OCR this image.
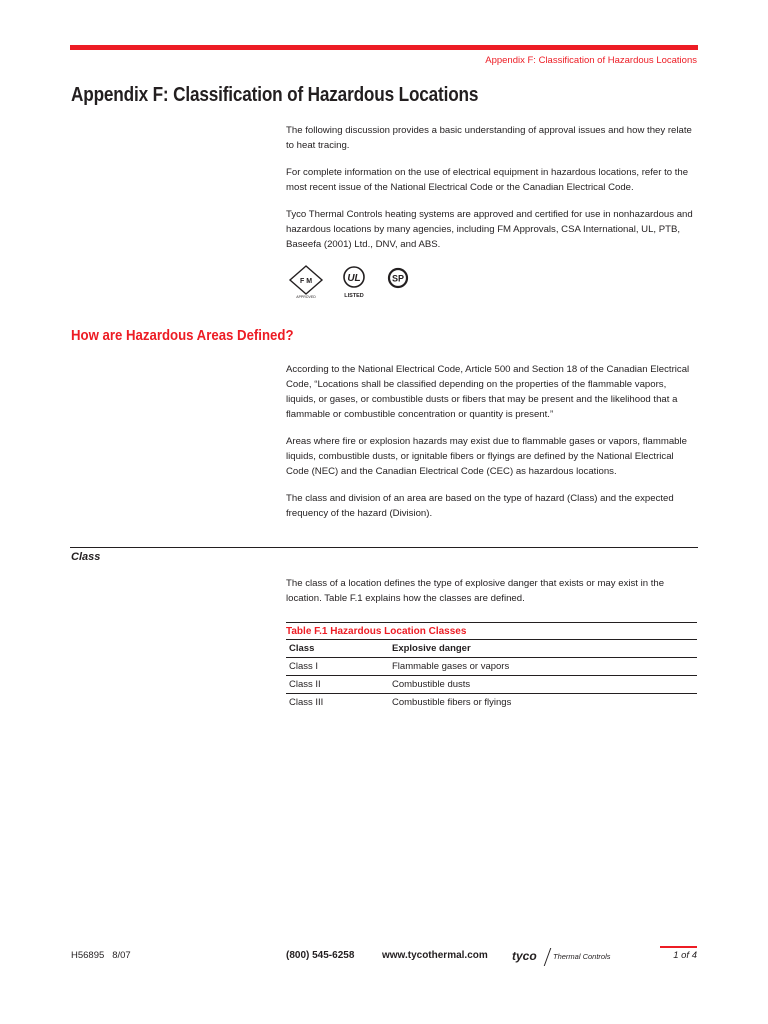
Appendix F: Classification of Hazardous Locations
Appendix F: Classification of Hazardous Locations

The following discussion provides a basic understanding of approval issues and how they relate to heat tracing.

For complete information on the use of electrical equipment in hazardous locations, refer to the most recent issue of the National Electrical Code or the Canadian Electrical Code.

Tyco Thermal Controls heating systems are approved and certified for use in nonhazardous and hazardous locations by many agencies, including FM Approvals, CSA International, UL, PTB, Baseefa (2001) Ltd., DNV, and ABS.

F M
APPROVED
UL
LISTED
SP
How are Hazardous Areas Defined?

According to the National Electrical Code, Article 500 and Section 18 of the Canadian Electrical Code, “Locations shall be classified depending on the properties of the flammable vapors, liquids, or gases, or combustible dusts or fibers that may be present and the likelihood that a flammable or combustible concentration or quantity is present.”

Areas where fire or explosion hazards may exist due to flammable gases or vapors, flammable liquids, combustible dusts, or ignitable fibers or flyings are defined by the National Electrical Code (NEC) and the Canadian Electrical Code (CEC) as hazardous locations.

The class and division of an area are based on the type of hazard (Class) and the expected frequency of the hazard (Division).

Class

The class of a location defines the type of explosive danger that exists or may exist in the location. Table F.1 explains how the classes are defined.

Table F.1 Hazardous Location Classes
Class	Explosive danger
Class I	Flammable gases or vapors
Class II	Combustible dusts
Class III	Combustible fibers or flyings
H56895 8/07	(800) 545-6258	www.tycothermal.com tyco Thermal Controls	1 of 4
